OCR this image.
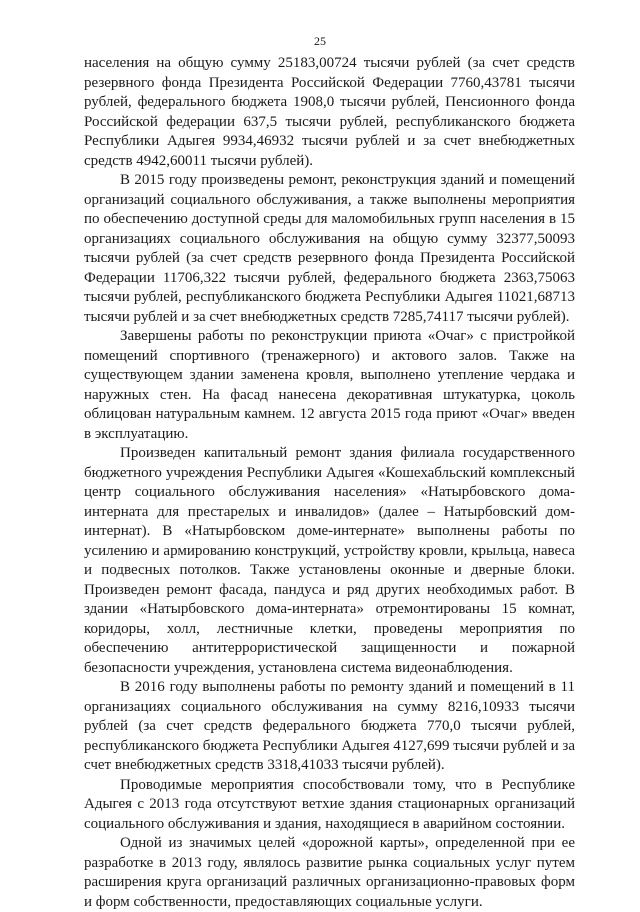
25

населения на общую сумму 25183,00724 тысячи рублей (за счет средств резервного фонда Президента Российской Федерации 7760,43781 тысячи рублей, федерального бюджета 1908,0 тысячи рублей, Пенсионного фонда Российской федерации 637,5 тысячи рублей, республиканского бюджета Республики Адыгея 9934,46932 тысячи рублей и за счет внебюджетных средств 4942,60011 тысячи рублей).

В 2015 году произведены ремонт, реконструкция зданий и помещений организаций социального обслуживания, а также выполнены мероприятия по обеспечению доступной среды для маломобильных групп населения в 15 организациях социального обслуживания на общую сумму 32377,50093 тысячи рублей (за счет средств резервного фонда Президента Российской Федерации 11706,322 тысячи рублей, федерального бюджета 2363,75063 тысячи рублей, республиканского бюджета Республики Адыгея 11021,68713 тысячи рублей и за счет внебюджетных средств 7285,74117 тысячи рублей).

Завершены работы по реконструкции приюта «Очаг» с пристройкой помещений спортивного (тренажерного) и актового залов. Также на существующем здании заменена кровля, выполнено утепление чердака и наружных стен. На фасад нанесена декоративная штукатурка, цоколь облицован натуральным камнем. 12 августа 2015 года приют «Очаг» введен в эксплуатацию.

Произведен капитальный ремонт здания филиала государственного бюджетного учреждения Республики Адыгея «Кошехабльский комплексный центр социального обслуживания населения» «Натырбовского дома-интерната для престарелых и инвалидов» (далее – Натырбовский дом-интернат). В «Натырбовском доме-интернате» выполнены работы по усилению и армированию конструкций, устройству кровли, крыльца, навеса и подвесных потолков. Также установлены оконные и дверные блоки. Произведен ремонт фасада, пандуса и ряд других необходимых работ. В здании «Натырбовского дома-интерната» отремонтированы 15 комнат, коридоры, холл, лестничные клетки, проведены мероприятия по обеспечению антитеррористической защищенности и пожарной безопасности учреждения, установлена система видеонаблюдения.

В 2016 году выполнены работы по ремонту зданий и помещений в 11 организациях социального обслуживания на сумму 8216,10933 тысячи рублей (за счет средств федерального бюджета 770,0 тысячи рублей, республиканского бюджета Республики Адыгея 4127,699 тысячи рублей и за счет внебюджетных средств 3318,41033 тысячи рублей).

Проводимые мероприятия способствовали тому, что в Республике Адыгея с 2013 года отсутствуют ветхие здания стационарных организаций социального обслуживания и здания, находящиеся в аварийном состоянии.

Одной из значимых целей «дорожной карты», определенной при ее разработке в 2013 году, являлось развитие рынка социальных услуг путем расширения круга организаций различных организационно-правовых форм и форм собственности, предоставляющих социальные услуги.
